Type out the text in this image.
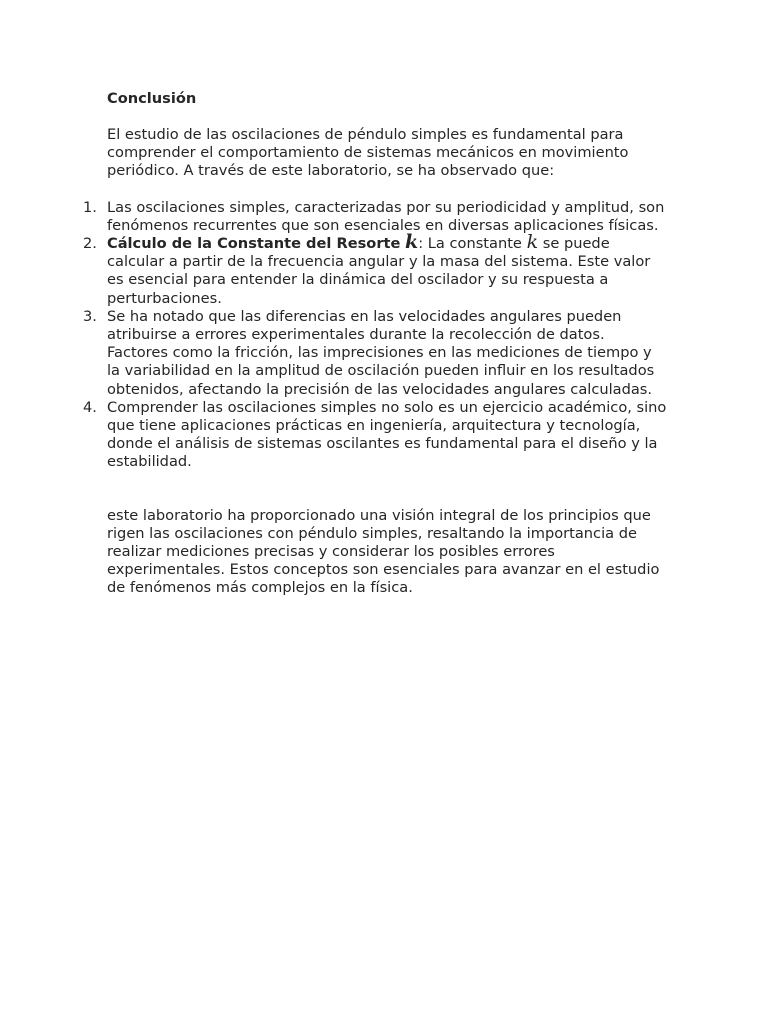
Conclusión

El estudio de las oscilaciones de péndulo simples es fundamental para comprender el comportamiento de sistemas mecánicos en movimiento periódico. A través de este laboratorio, se ha observado que:

1. Las oscilaciones simples, caracterizadas por su periodicidad y amplitud, son fenómenos recurrentes que son esenciales en diversas aplicaciones físicas.
2. Cálculo de la Constante del Resorte k: La constante k se puede calcular a partir de la frecuencia angular y la masa del sistema. Este valor es esencial para entender la dinámica del oscilador y su respuesta a perturbaciones.
3. Se ha notado que las diferencias en las velocidades angulares pueden atribuirse a errores experimentales durante la recolección de datos. Factores como la fricción, las imprecisiones en las mediciones de tiempo y la variabilidad en la amplitud de oscilación pueden influir en los resultados obtenidos, afectando la precisión de las velocidades angulares calculadas.
4. Comprender las oscilaciones simples no solo es un ejercicio académico, sino que tiene aplicaciones prácticas en ingeniería, arquitectura y tecnología, donde el análisis de sistemas oscilantes es fundamental para el diseño y la estabilidad.

este laboratorio ha proporcionado una visión integral de los principios que rigen las oscilaciones con péndulo simples, resaltando la importancia de realizar mediciones precisas y considerar los posibles errores experimentales. Estos conceptos son esenciales para avanzar en el estudio de fenómenos más complejos en la física.
